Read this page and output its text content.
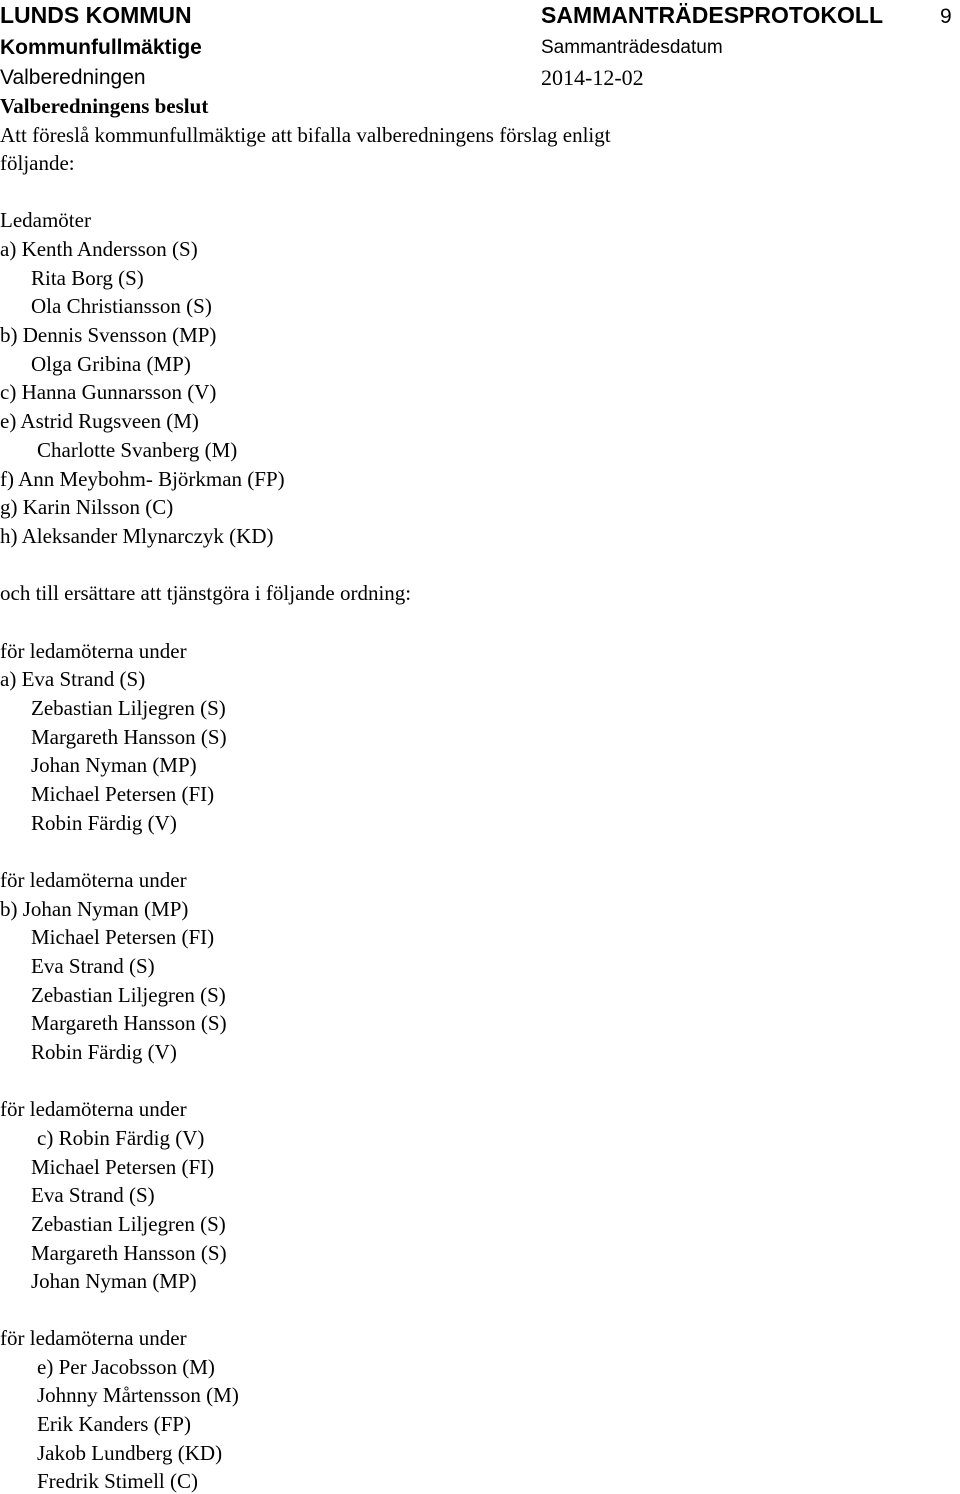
LUNDS KOMMUN	SAMMANTRÄDESPROTOKOLL	9
Kommunfullmäktige	Sammanträdesdatum
Valberedningen	2014-12-02
Valberedningens beslut
Att föreslå kommunfullmäktige att bifalla valberedningens förslag enligt
följande:
Ledamöter
a) Kenth Andersson (S)
Rita Borg (S)
Ola Christiansson (S)
b) Dennis Svensson (MP)
Olga Gribina (MP)
c) Hanna Gunnarsson (V)
e) Astrid Rugsveen (M)
Charlotte Svanberg (M)
f) Ann Meybohm- Björkman (FP)
g) Karin Nilsson (C)
h) Aleksander Mlynarczyk (KD)
och till ersättare att tjänstgöra i följande ordning:
för ledamöterna under
a) Eva Strand (S)
Zebastian Liljegren (S)
Margareth Hansson (S)
Johan Nyman (MP)
Michael Petersen (FI)
Robin Färdig (V)
för ledamöterna under
b) Johan Nyman (MP)
Michael Petersen (FI)
Eva Strand (S)
Zebastian Liljegren (S)
Margareth Hansson (S)
Robin Färdig (V)
för ledamöterna under
c) Robin Färdig (V)
Michael Petersen (FI)
Eva Strand (S)
Zebastian Liljegren (S)
Margareth Hansson (S)
Johan Nyman (MP)
för ledamöterna under
e) Per Jacobsson (M)
Johnny Mårtensson (M)
Erik Kanders (FP)
Jakob Lundberg (KD)
Fredrik Stimell (C)
